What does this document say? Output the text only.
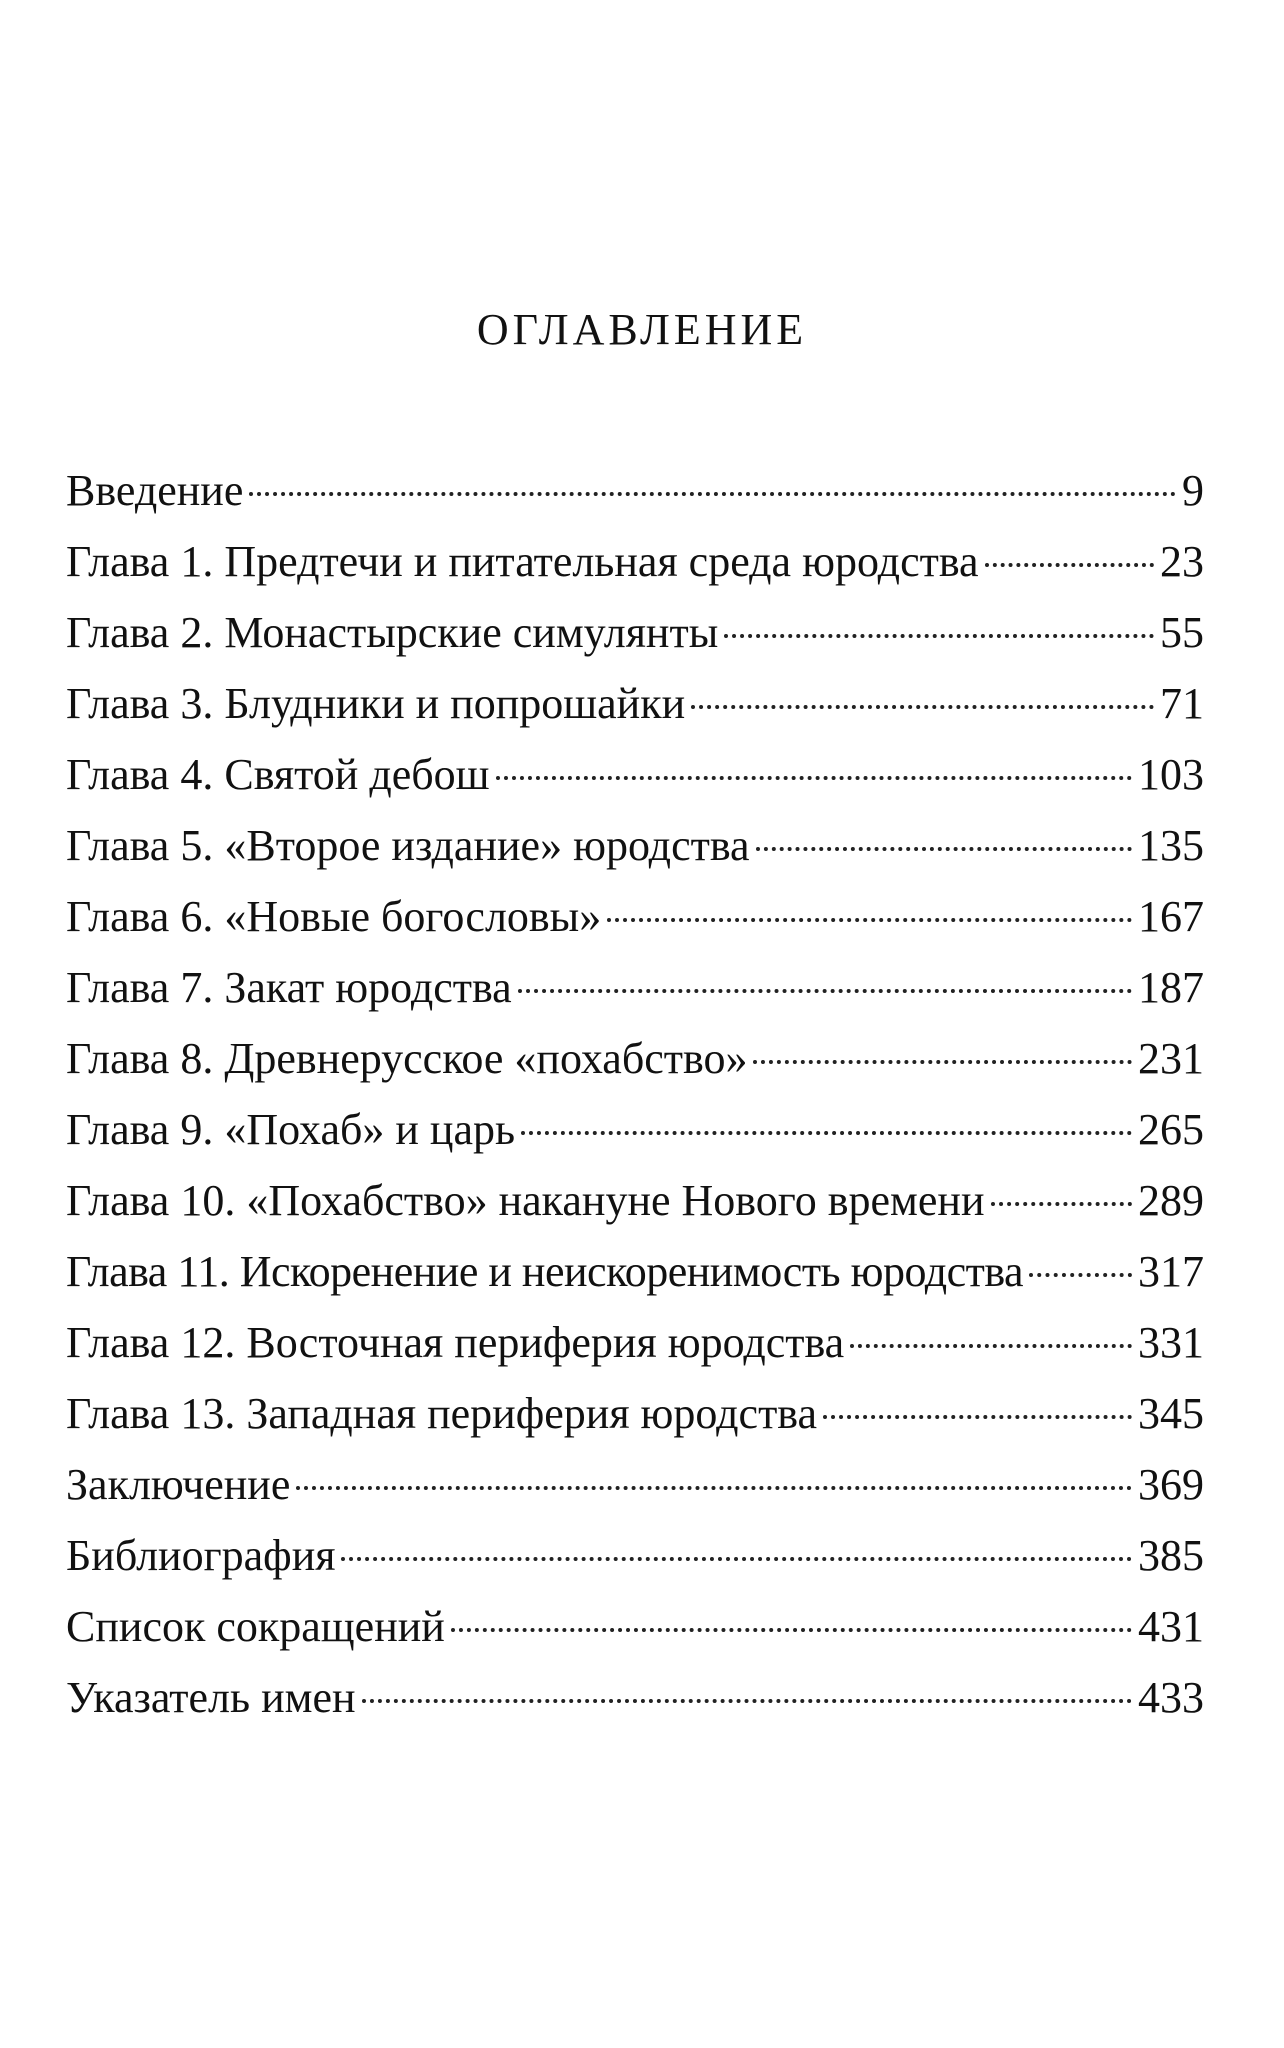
ОГЛАВЛЕНИЕ
Введение	9
Глава 1. Предтечи и питательная среда юродства	23
Глава 2. Монастырские симулянты	55
Глава 3. Блудники и попрошайки	71
Глава 4. Святой дебош	103
Глава 5. «Второе издание» юродства	135
Глава 6. «Новые богословы»	167
Глава 7. Закат юродства	187
Глава 8. Древнерусское «похабство»	231
Глава 9. «Похаб» и царь	265
Глава 10. «Похабство» накануне Нового времени	289
Глава 11. Искоренение и неискоренимость юродства	317
Глава 12. Восточная периферия юродства	331
Глава 13. Западная периферия юродства	345
Заключение	369
Библиография	385
Список сокращений	431
Указатель имен	433
